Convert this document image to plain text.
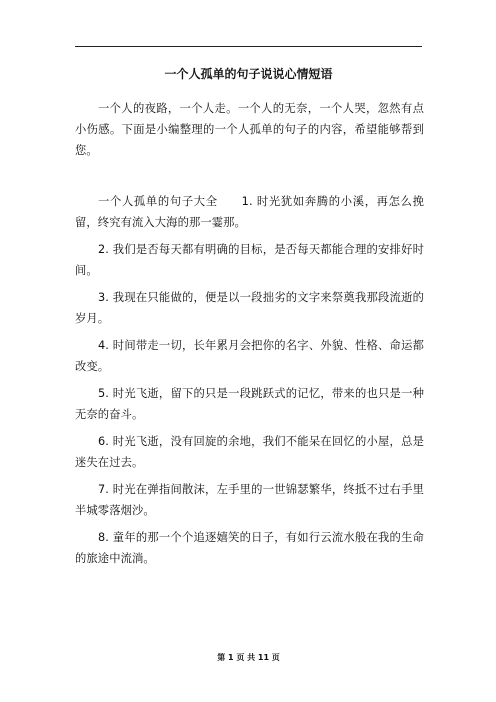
一个人孤单的句子说说心情短语

一个人的夜路，一个人走。一个人的无奈，一个人哭，忽然有点小伤感。下面是小编整理的一个人孤单的句子的内容，希望能够帮到您。

一个人孤单的句子大全　　1. 时光犹如奔腾的小溪，再怎么挽留，终究有流入大海的那一霎那。

2. 我们是否每天都有明确的目标，是否每天都能合理的安排好时间。

3. 我现在只能做的，便是以一段拙劣的文字来祭奠我那段流逝的岁月。

4. 时间带走一切，长年累月会把你的名字、外貌、性格、命运都改变。

5. 时光飞逝，留下的只是一段跳跃式的记忆，带来的也只是一种无奈的奋斗。

6. 时光飞逝，没有回旋的余地，我们不能呆在回忆的小屋，总是迷失在过去。

7. 时光在弹指间散沫，左手里的一世锦瑟繁华，终抵不过右手里半城零落烟沙。

8. 童年的那一个个追逐嬉笑的日子，有如行云流水般在我的生命的旅途中流淌。

第 1 页 共 11 页
